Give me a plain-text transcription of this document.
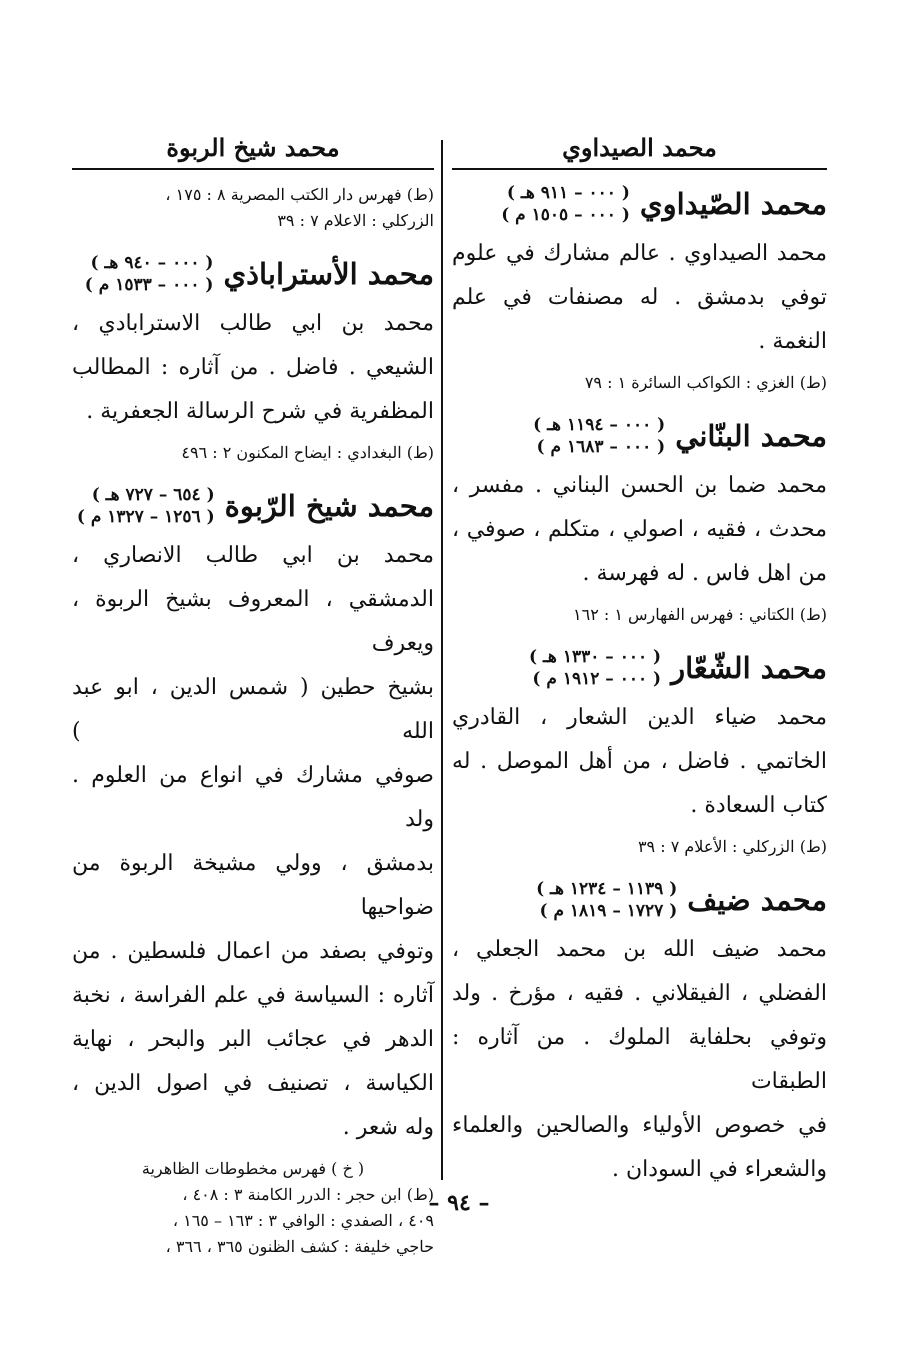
محمد الصيداوي
محمد الصّيداوي
( ٠٠٠ – ٩١١ هـ )
( ٠٠٠ – ١٥٠٥ م )
محمد الصيداوي . عالم مشارك في علوم
توفي بدمشق . له مصنفات في علم النغمة .
(ط) الغزي : الكواكب السائرة ١ : ٧٩
محمد البنّاني
( ٠٠٠ – ١١٩٤ هـ )
( ٠٠٠ – ١٦٨٣ م )
محمد ضما بن الحسن البناني . مفسر ،
محدث ، فقيه ، اصولي ، متكلم ، صوفي ،
من اهل فاس . له فهرسة .
(ط) الكتاني : فهرس الفهارس ١ : ١٦٢
محمد الشّعّار
( ٠٠٠ – ١٣٣٠ هـ )
( ٠٠٠ – ١٩١٢ م )
محمد ضياء الدين الشعار ، القادري
الخاتمي . فاضل ، من أهل الموصل . له
كتاب السعادة .
(ط) الزركلي : الأعلام ٧ : ٣٩
محمد ضيف
( ١١٣٩ – ١٢٣٤ هـ )
( ١٧٢٧ – ١٨١٩ م )
محمد ضيف الله بن محمد الجعلي ،
الفضلي ، الفيقلاني . فقيه ، مؤرخ . ولد
وتوفي بحلفاية الملوك . من آثاره : الطبقات
في خصوص الأولياء والصالحين والعلماء
والشعراء في السودان .
محمد شيخ الربوة
(ط) فهرس دار الكتب المصرية ٨ : ١٧٥ ،
الزركلي : الاعلام ٧ : ٣٩
محمد الأستراباذي
( ٠٠٠ – ٩٤٠ هـ )
( ٠٠٠ – ١٥٣٣ م )
محمد بن ابي طالب الاسترابادي ،
الشيعي . فاضل . من آثاره : المطالب
المظفرية في شرح الرسالة الجعفرية .
(ط) البغدادي : ايضاح المكنون ٢ : ٤٩٦
محمد شيخ الرّبوة
( ٦٥٤ – ٧٢٧ هـ )
( ١٢٥٦ – ١٣٢٧ م )
محمد بن ابي طالب الانصاري ،
الدمشقي ، المعروف بشيخ الربوة ، ويعرف
بشيخ حطين ( شمس الدين ، ابو عبد الله )
صوفي مشارك في انواع من العلوم . ولد
بدمشق ، وولي مشيخة الربوة من ضواحيها
وتوفي بصفد من اعمال فلسطين . من
آثاره : السياسة في علم الفراسة ، نخبة
الدهر في عجائب البر والبحر ، نهاية
الكياسة ، تصنيف في اصول الدين ،
وله شعر .
( خ ) فهرس مخطوطات الظاهرية
(ط) ابن حجر : الدرر الكامنة ٣ : ٤٠٨ ،
٤٠٩ ، الصفدي : الوافي ٣ : ١٦٣ – ١٦٥ ،
حاجي خليفة : كشف الظنون ٣٦٥ ، ٣٦٦ ،
– ٩٤ –
